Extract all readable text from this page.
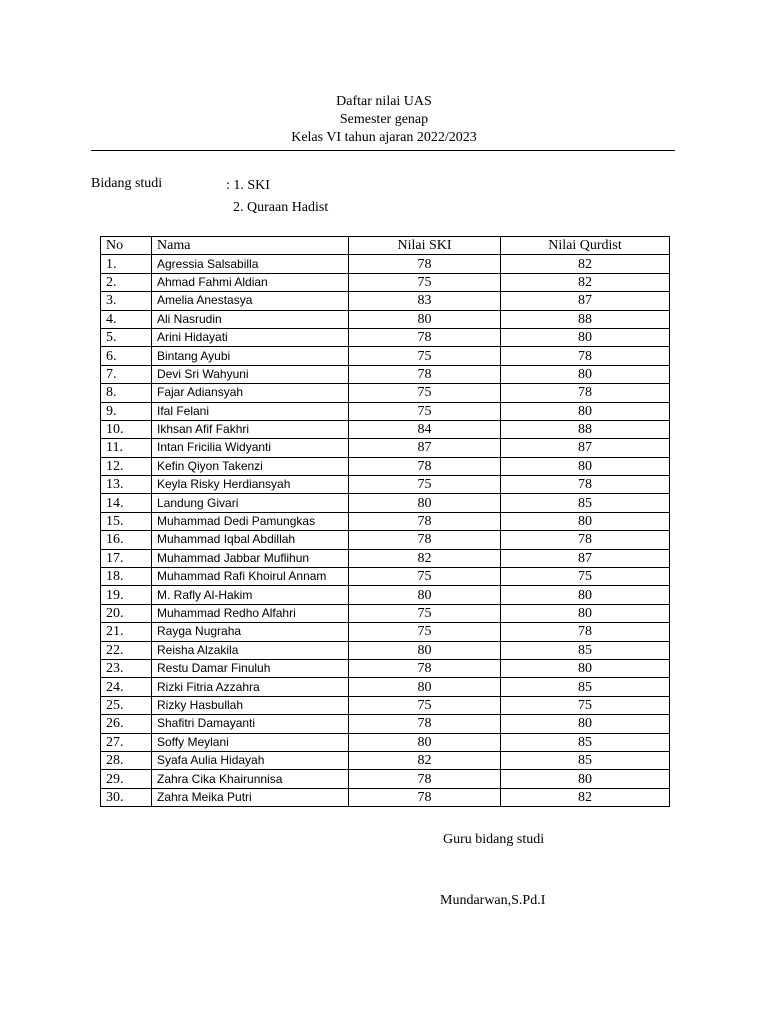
Daftar nilai UAS
Semester genap
Kelas VI tahun ajaran 2022/2023
Bidang studi	: 1. SKI
2. Quraan Hadist
No	Nama	Nilai SKI	Nilai Qurdist
1.	Agressia Salsabilla	78	82
2.	Ahmad Fahmi Aldian	75	82
3.	Amelia Anestasya	83	87
4.	Ali Nasrudin	80	88
5.	Arini Hidayati	78	80
6.	Bintang Ayubi	75	78
7.	Devi Sri Wahyuni	78	80
8.	Fajar Adiansyah	75	78
9.	Ifal Felani	75	80
10.	Ikhsan Afif Fakhri	84	88
11.	Intan Fricilia Widyanti	87	87
12.	Kefin Qiyon Takenzi	78	80
13.	Keyla Risky Herdiansyah	75	78
14.	Landung Givari	80	85
15.	Muhammad Dedi Pamungkas	78	80
16.	Muhammad Iqbal Abdillah	78	78
17.	Muhammad Jabbar Muflihun	82	87
18.	Muhammad Rafi Khoirul Annam	75	75
19.	M. Rafly Al-Hakim	80	80
20.	Muhammad Redho Alfahri	75	80
21.	Rayga Nugraha	75	78
22.	Reisha Alzakila	80	85
23.	Restu Damar Finuluh	78	80
24.	Rizki Fitria Azzahra	80	85
25.	Rizky Hasbullah	75	75
26.	Shafitri Damayanti	78	80
27.	Soffy Meylani	80	85
28.	Syafa Aulia Hidayah	82	85
29.	Zahra Cika Khairunnisa	78	80
30.	Zahra Meika Putri	78	82
Guru bidang studi
Mundarwan,S.Pd.I
